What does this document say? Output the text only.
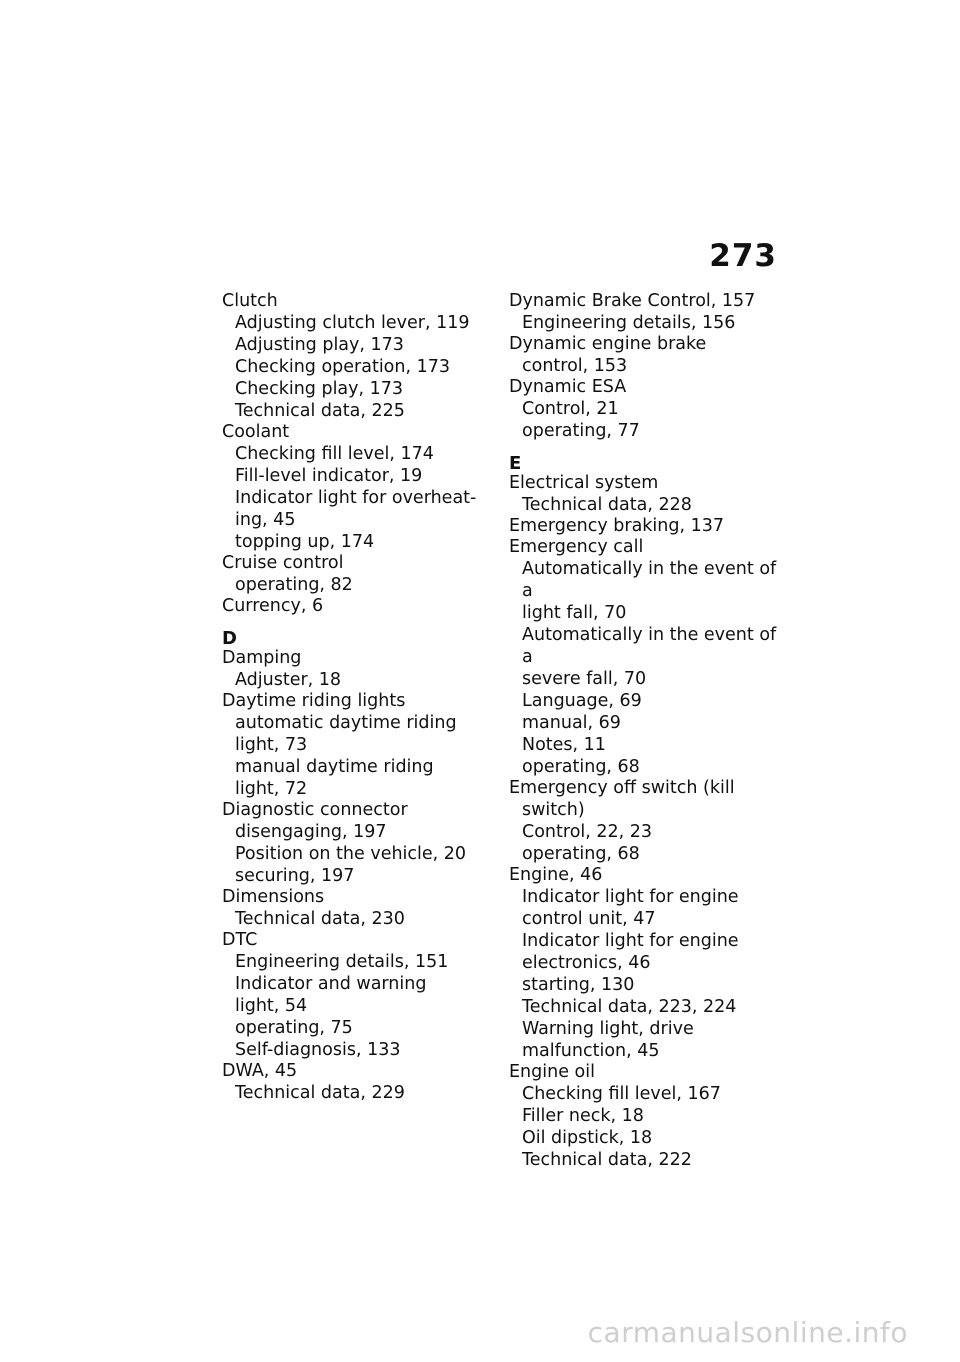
273
Clutch
Adjusting clutch lever, 119
Adjusting play, 173
Checking operation, 173
Checking play, 173
Technical data, 225
Coolant
Checking fill level, 174
Fill-level indicator, 19
Indicator light for overheat-
ing, 45
topping up, 174
Cruise control
operating, 82
Currency, 6
D
Damping
Adjuster, 18
Daytime riding lights
automatic daytime riding
light, 73
manual daytime riding
light, 72
Diagnostic connector
disengaging, 197
Position on the vehicle, 20
securing, 197
Dimensions
Technical data, 230
DTC
Engineering details, 151
Indicator and warning
light, 54
operating, 75
Self-diagnosis, 133
DWA, 45
Technical data, 229
Dynamic Brake Control, 157
Engineering details, 156
Dynamic engine brake
control, 153
Dynamic ESA
Control, 21
operating, 77
E
Electrical system
Technical data, 228
Emergency braking, 137
Emergency call
Automatically in the event of a
light fall, 70
Automatically in the event of a
severe fall, 70
Language, 69
manual, 69
Notes, 11
operating, 68
Emergency off switch (kill
switch)
Control, 22, 23
operating, 68
Engine, 46
Indicator light for engine
control unit, 47
Indicator light for engine
electronics, 46
starting, 130
Technical data, 223, 224
Warning light, drive
malfunction, 45
Engine oil
Checking fill level, 167
Filler neck, 18
Oil dipstick, 18
Technical data, 222
carmanualsonline.info
